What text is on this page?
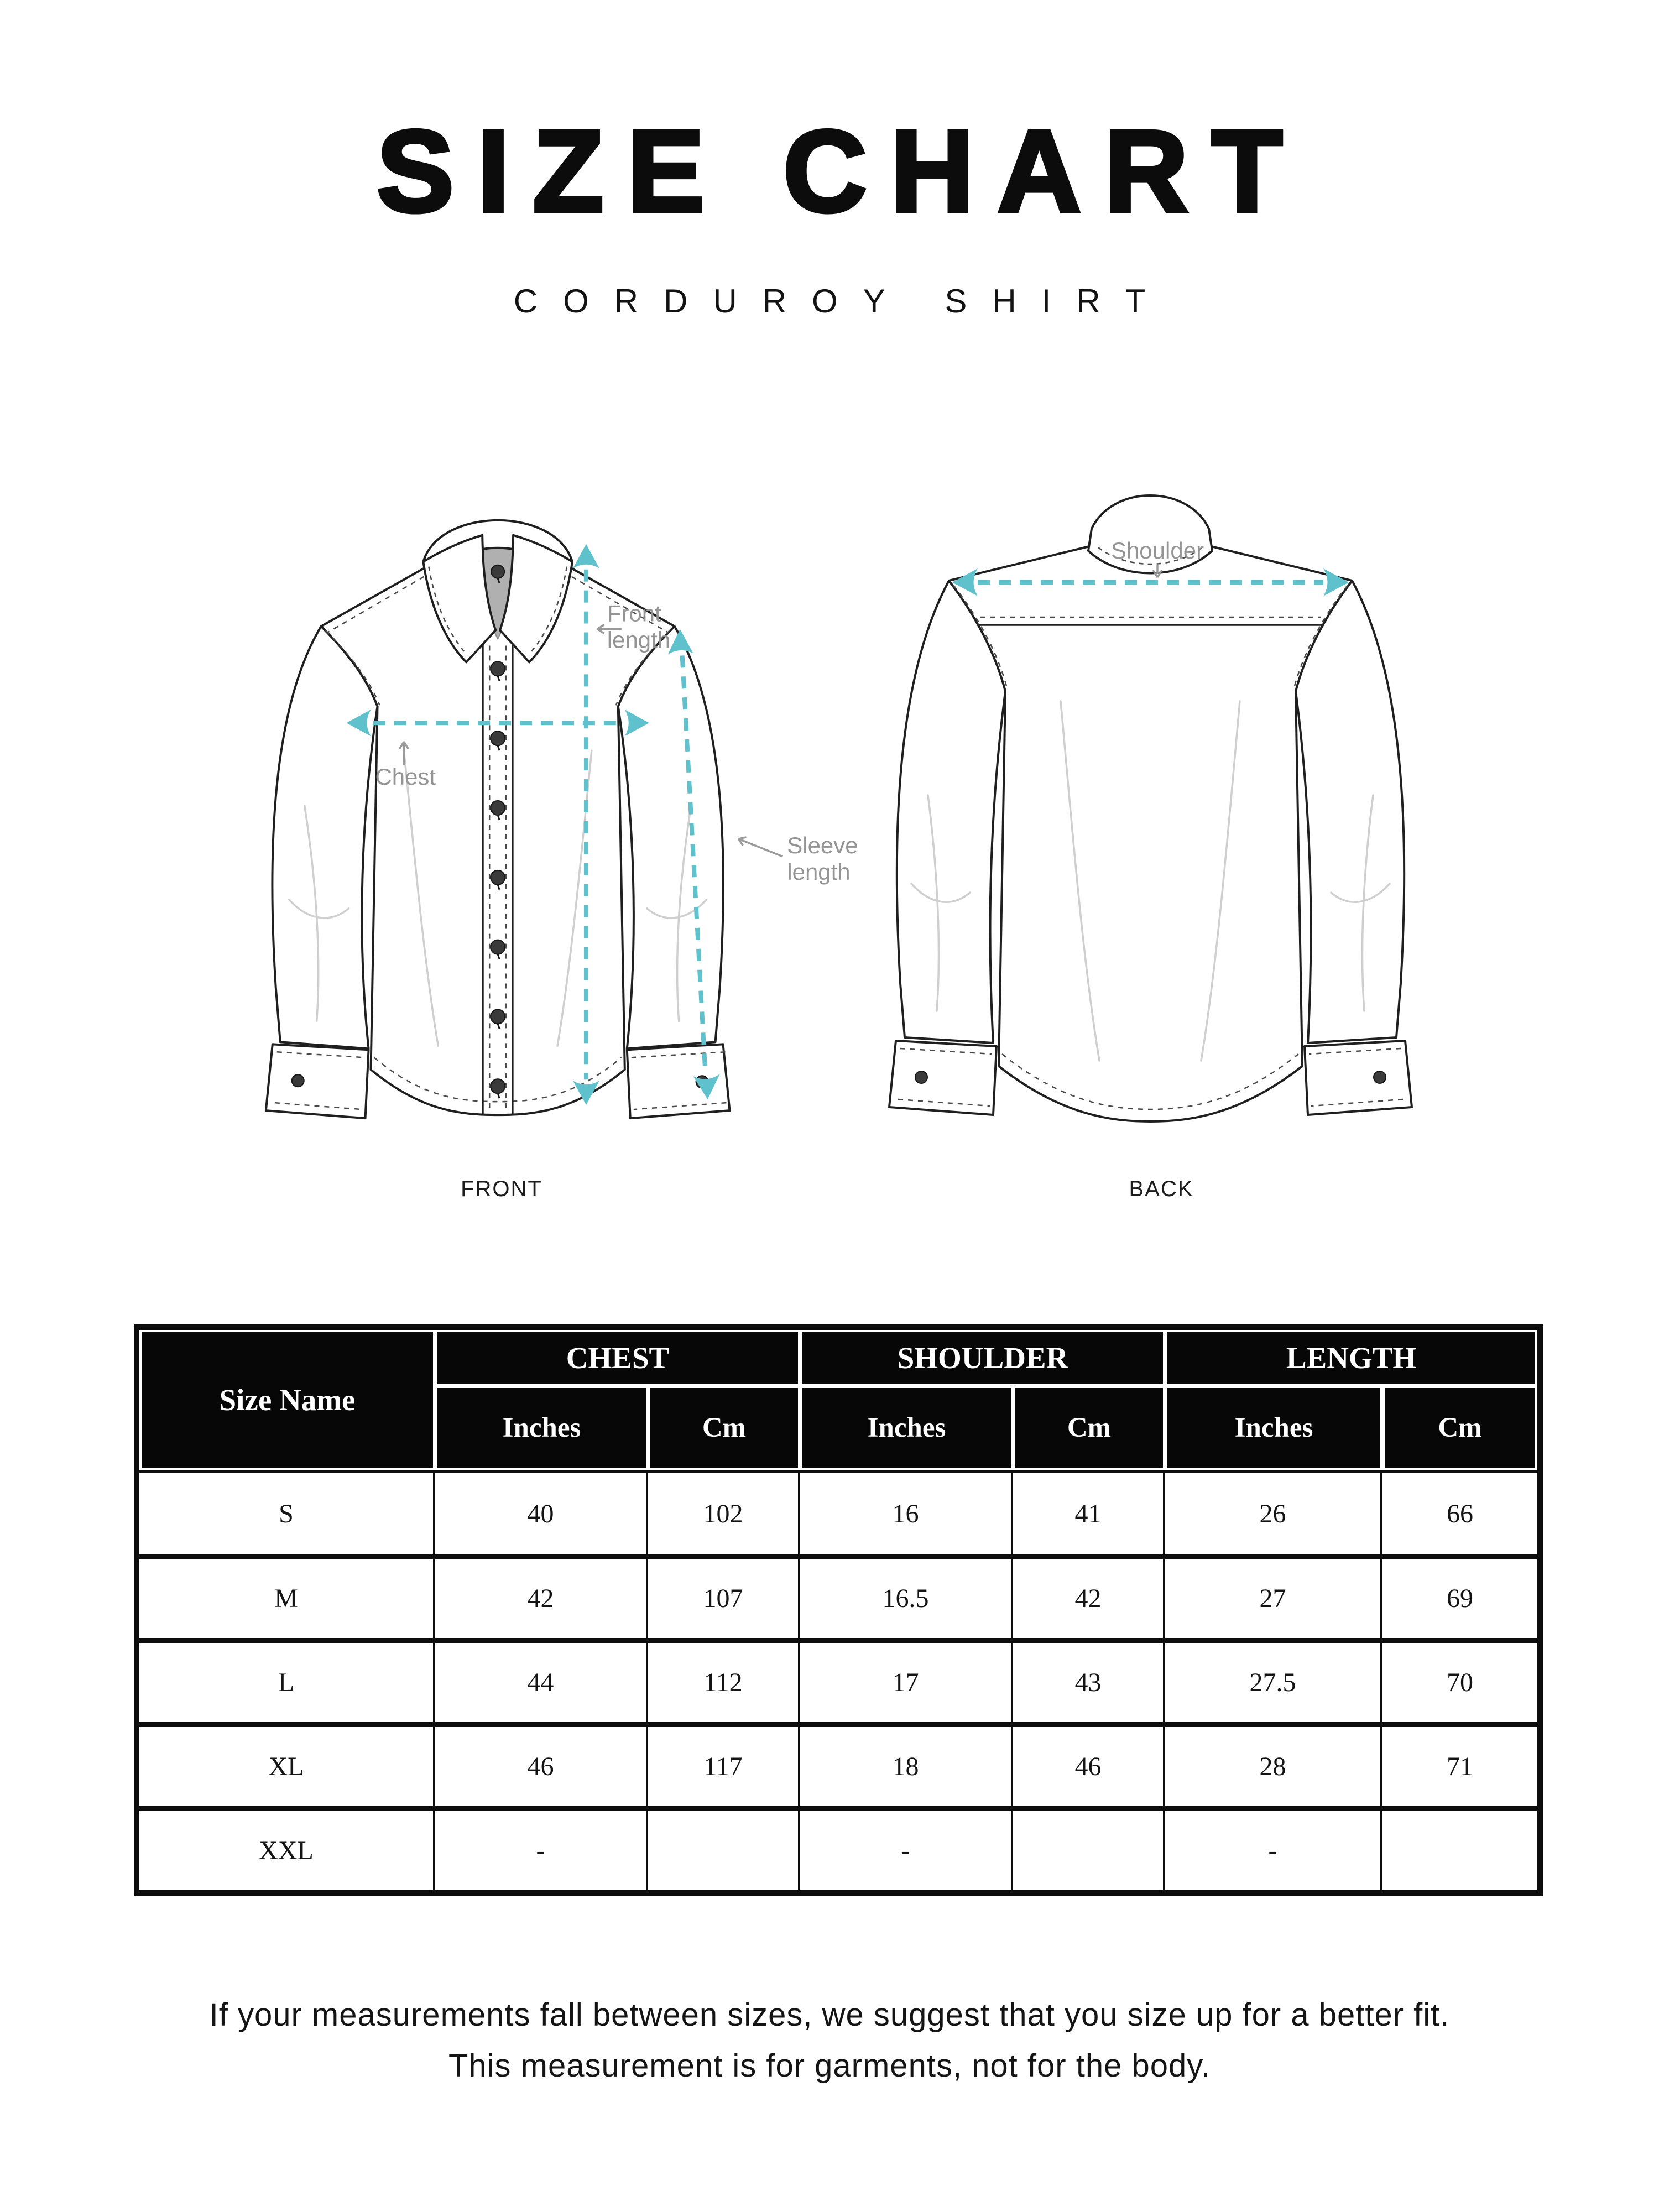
SIZE CHART
CORDUROY SHIRT
Front
length
Chest
Sleeve
length
Shoulder
FRONT	BACK
Size Name	CHEST		SHOULDER		LENGTH	
	Inches	Cm	Inches	Cm	Inches	Cm
S	40	102	16	41	26	66
M	42	107	16.5	42	27	69
L	44	112	17	43	27.5	70
XL	46	117	18	46	28	71
XXL	-		-		-	
If your measurements fall between sizes, we suggest that you size up for a better fit.
This measurement is for garments, not for the body.
